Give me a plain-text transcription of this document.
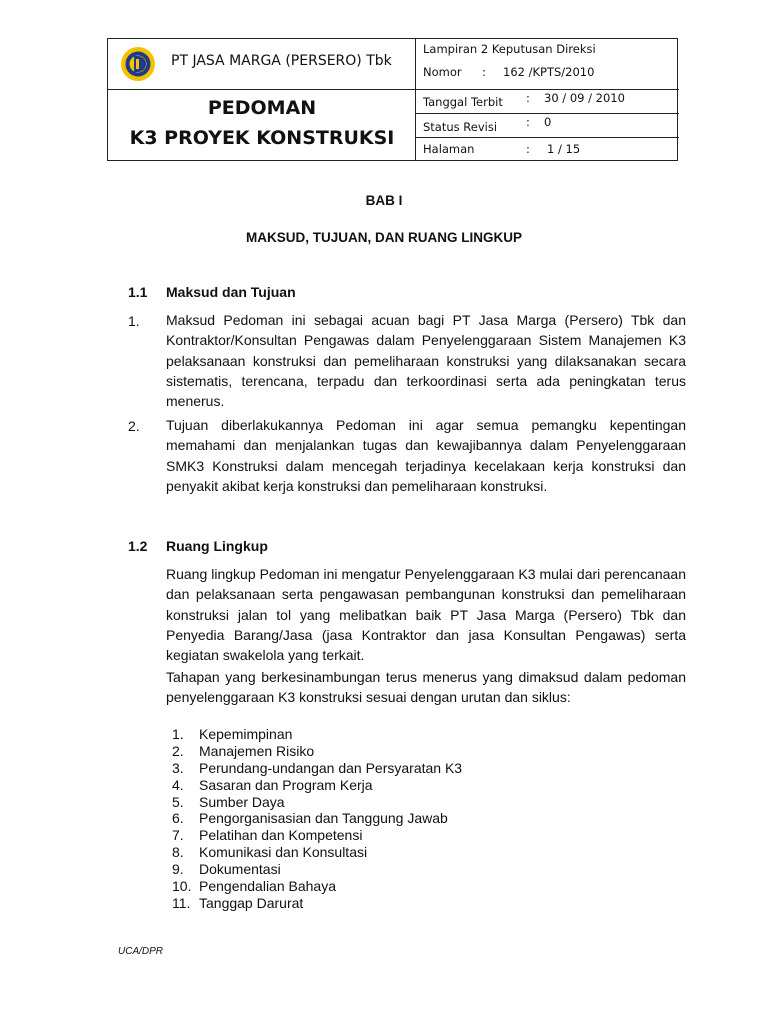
PT JASA MARGA (PERSERO) Tbk
Lampiran 2 Keputusan Direksi
Nomor : 162 /KPTS/2010
PEDOMAN
K3 PROYEK KONSTRUKSI
Tanggal Terbit : 30 / 09 / 2010
Status Revisi	: 0
Halaman	: 1 / 15
BAB I
MAKSUD, TUJUAN, DAN RUANG LINGKUP
1.1 Maksud dan Tujuan
1. Maksud Pedoman ini sebagai acuan bagi PT Jasa Marga (Persero) Tbk dan Kontraktor/Konsultan Pengawas dalam Penyelenggaraan Sistem Manajemen K3 pelaksanaan konstruksi dan pemeliharaan konstruksi yang dilaksanakan secara sistematis, terencana, terpadu dan terkoordinasi serta ada peningkatan terus menerus.
2. Tujuan diberlakukannya Pedoman ini agar semua pemangku kepentingan memahami dan menjalankan tugas dan kewajibannya dalam Penyelenggaraan SMK3 Konstruksi dalam mencegah terjadinya kecelakaan kerja konstruksi dan penyakit akibat kerja konstruksi dan pemeliharaan konstruksi.
1.2 Ruang Lingkup
Ruang lingkup Pedoman ini mengatur Penyelenggaraan K3 mulai dari perencanaan dan pelaksanaan serta pengawasan pembangunan konstruksi dan pemeliharaan konstruksi jalan tol yang melibatkan baik PT Jasa Marga (Persero) Tbk dan Penyedia Barang/Jasa (jasa Kontraktor dan jasa Konsultan Pengawas) serta kegiatan swakelola yang terkait.
Tahapan yang berkesinambungan terus menerus yang dimaksud dalam pedoman penyelenggaraan K3 konstruksi sesuai dengan urutan dan siklus:
1. Kepemimpinan
2. Manajemen Risiko
3. Perundang-undangan dan Persyaratan K3
4. Sasaran dan Program Kerja
5. Sumber Daya
6. Pengorganisasian dan Tanggung Jawab
7. Pelatihan dan Kompetensi
8. Komunikasi dan Konsultasi
9. Dokumentasi
10. Pengendalian Bahaya
11. Tanggap Darurat
UCA/DPR
